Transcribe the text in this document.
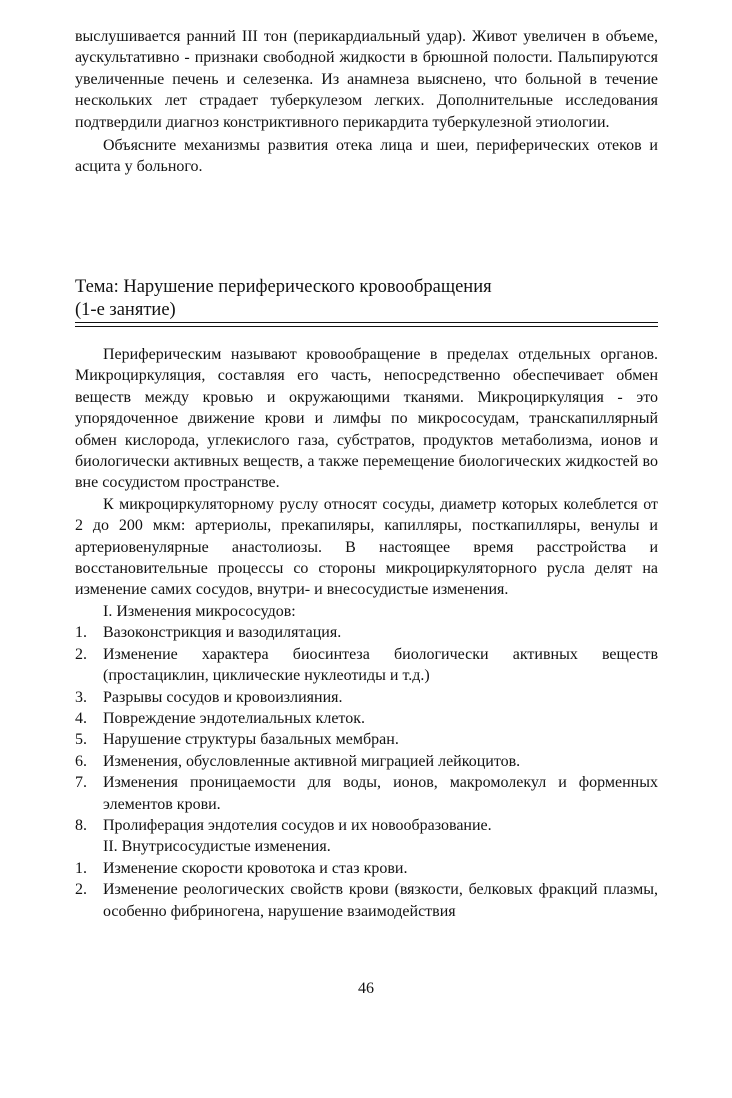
выслушивается ранний III тон (перикардиальный удар). Живот увеличен в объеме, аускультативно - признаки свободной жидкости в брюшной полости. Пальпируются увеличенные печень и селезенка. Из анамнеза выяснено, что больной в течение нескольких лет страдает туберкулезом легких. Дополнительные исследования подтвердили диагноз констриктивного перикардита туберкулезной этиологии.

Объясните механизмы развития отека лица и шеи, периферических отеков и асцита у больного.

Тема: Нарушение периферического кровообращения

(1-е занятие)

Периферическим называют кровообращение в пределах отдельных органов. Микроциркуляция, составляя его часть, непосредственно обеспечивает обмен веществ между кровью и окружающими тканями. Микроциркуляция - это упорядоченное движение крови и лимфы по микрососудам, транскапиллярный обмен кислорода, углекислого газа, субстратов, продуктов метаболизма, ионов и биологически активных веществ, а также перемещение биологических жидкостей во вне сосудистом пространстве.

К микроциркуляторному руслу относят сосуды, диаметр которых колеблется от 2 до 200 мкм: артериолы, прекапиляры, капилляры, посткапилляры, венулы и артериовенулярные анастолиозы. В настоящее время расстройства и восстановительные процессы со стороны микроциркуляторного русла делят на изменение самих сосудов, внутри- и внесосудистые изменения.

I. Изменения микрососудов:

1. Вазоконстрикция и вазодилятация.
2. Изменение характера биосинтеза биологически активных веществ (простациклин, циклические нуклеотиды и т.д.)
3. Разрывы сосудов и кровоизлияния.
4. Повреждение эндотелиальных клеток.
5. Нарушение структуры базальных мембран.
6. Изменения, обусловленные активной миграцией лейкоцитов.
7. Изменения проницаемости для воды, ионов, макромолекул и форменных элементов крови.
8. Пролиферация эндотелия сосудов и их новообразование.

II. Внутрисосудистые изменения.

1. Изменение скорости кровотока и стаз крови.
2. Изменение реологических свойств крови (вязкости, белковых фракций плазмы, особенно фибриногена, нарушение взаимодействия
46
